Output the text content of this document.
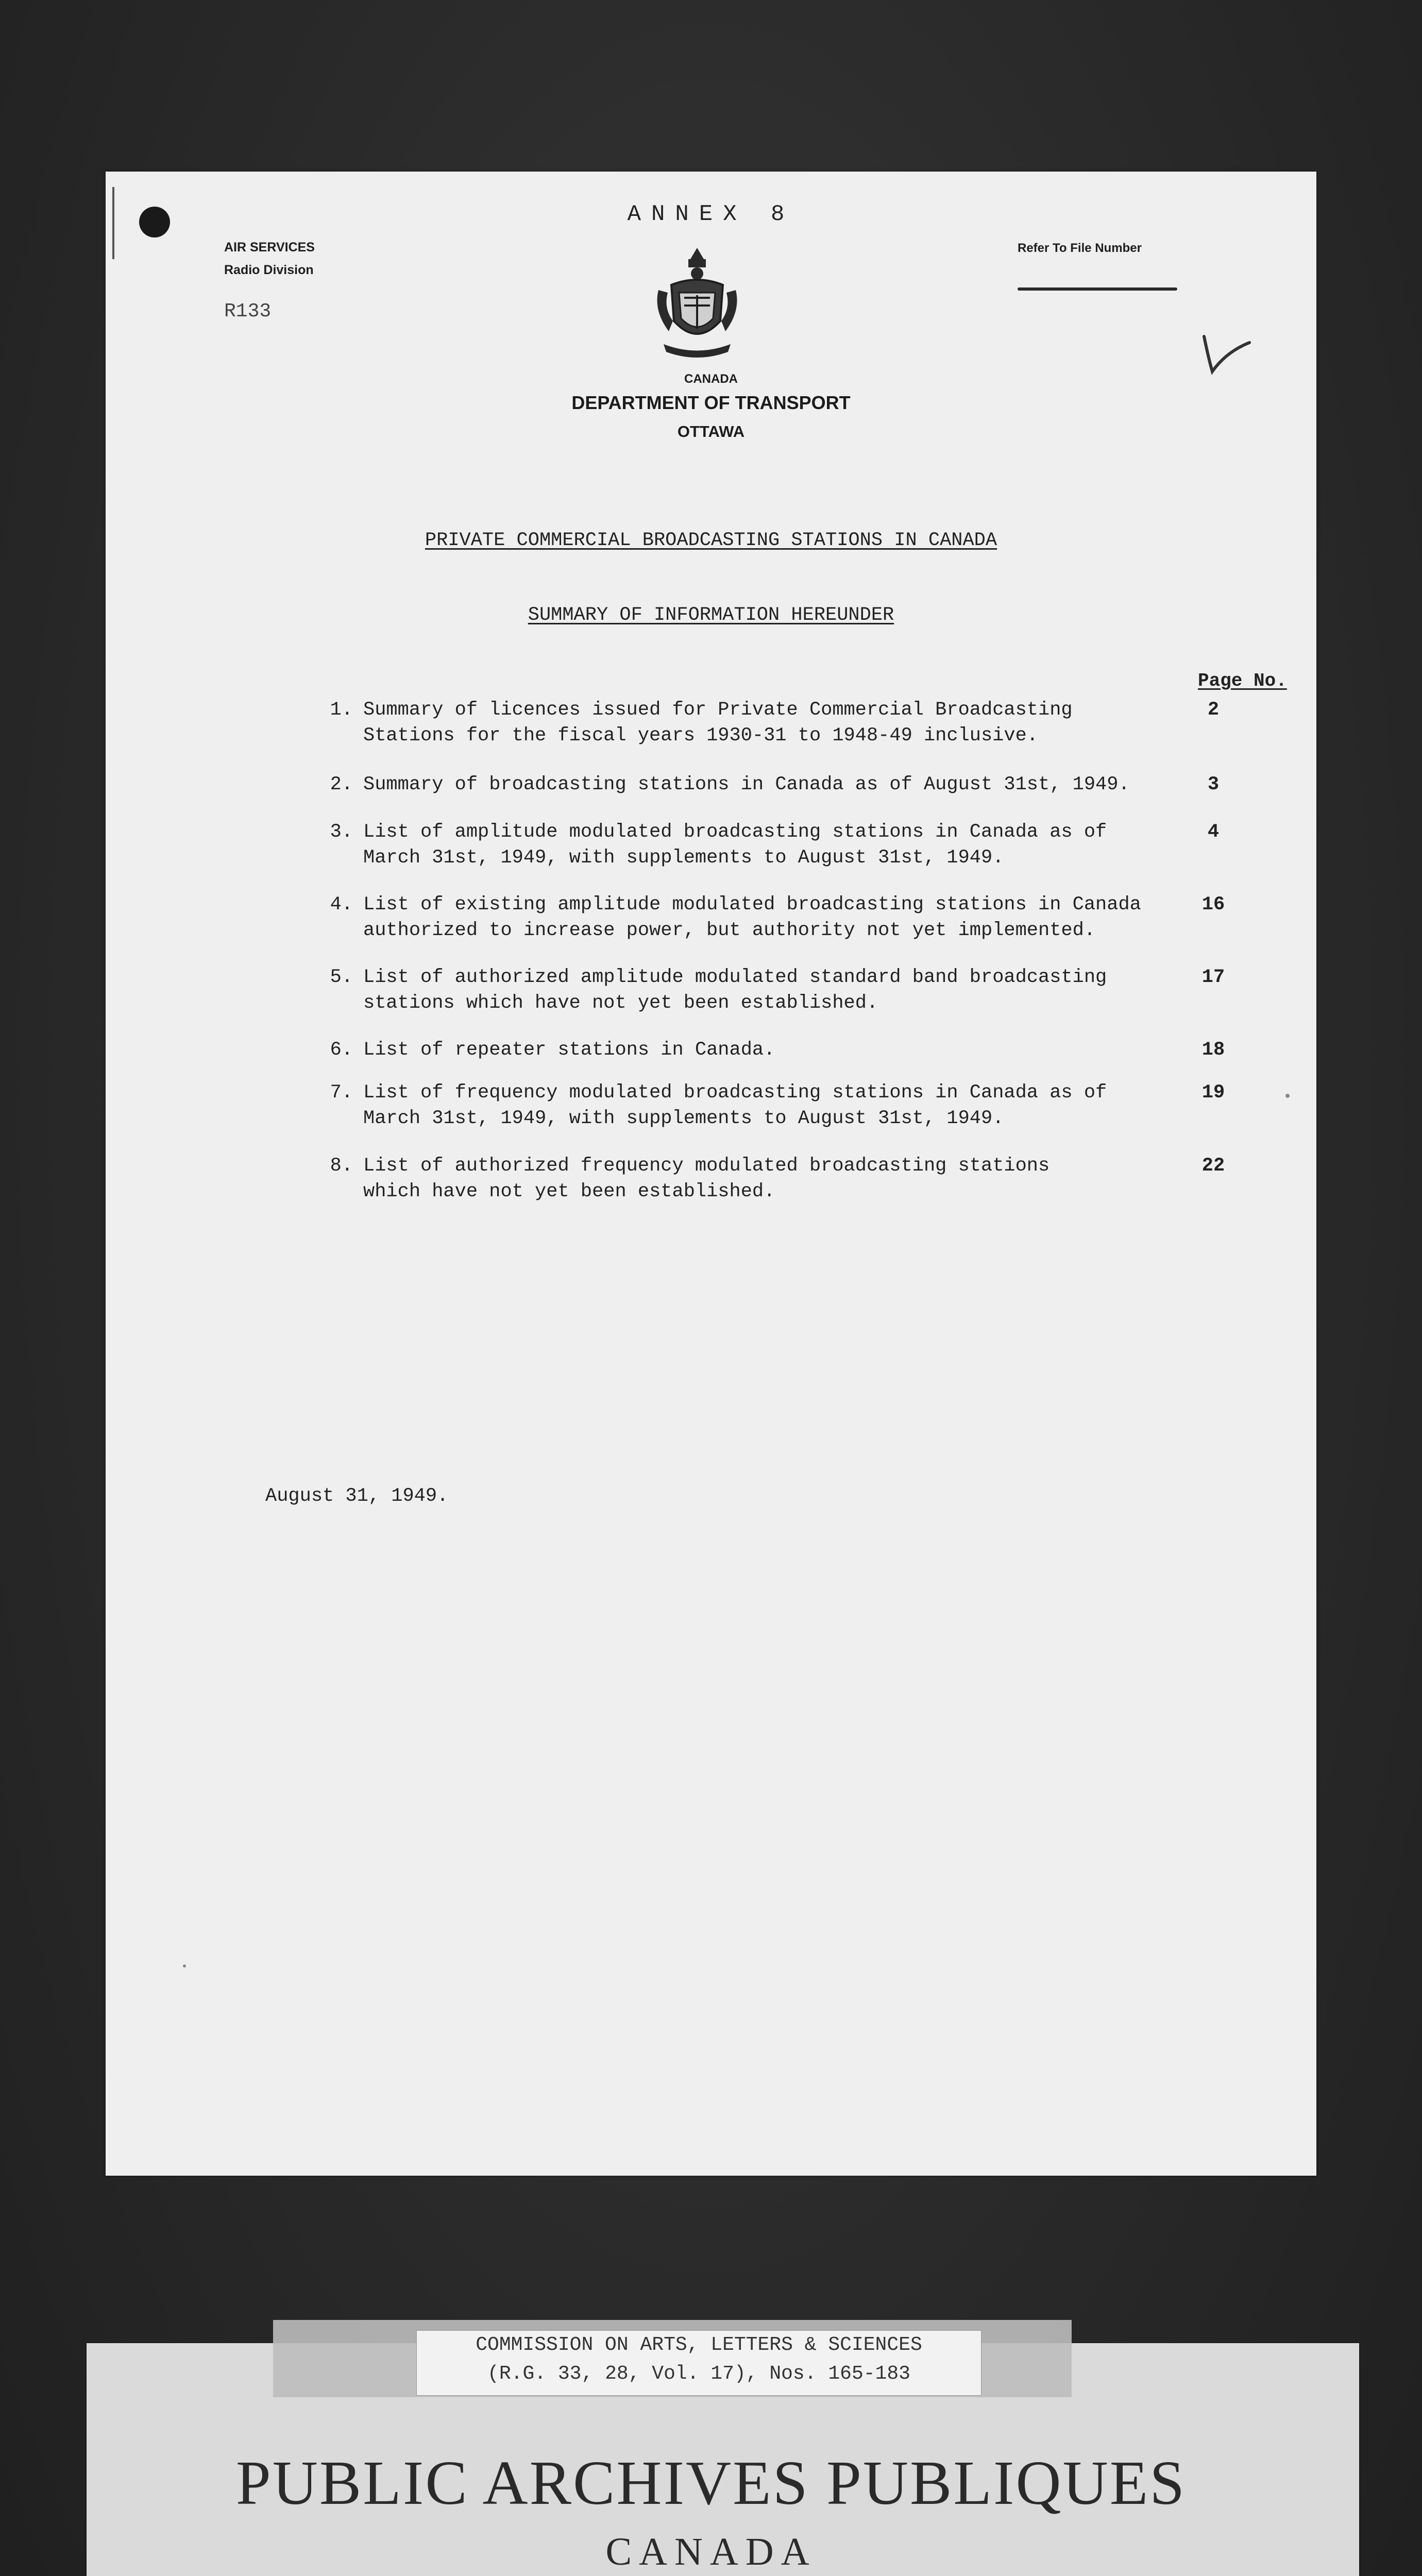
ANNEX 8
AIR SERVICES
Radio Division
R133
Refer To File Number
CANADA
DEPARTMENT OF TRANSPORT
OTTAWA
PRIVATE COMMERCIAL BROADCASTING STATIONS IN CANADA
SUMMARY OF INFORMATION HEREUNDER
Page No.
1. Summary of licences issued for Private Commercial Broadcasting
Stations for the fiscal years 1930-31 to 1948-49 inclusive.
2
2. Summary of broadcasting stations in Canada as of August 31st, 1949.	3
3. List of amplitude modulated broadcasting stations in Canada as of
March 31st, 1949, with supplements to August 31st, 1949.
4
4. List of existing amplitude modulated broadcasting stations in Canada
authorized to increase power, but authority not yet implemented.
16
5. List of authorized amplitude modulated standard band broadcasting
stations which have not yet been established.
17
6. List of repeater stations in Canada.	18
7. List of frequency modulated broadcasting stations in Canada as of
March 31st, 1949, with supplements to August 31st, 1949.
19
8. List of authorized frequency modulated broadcasting stations
which have not yet been established.
22
August 31, 1949.
COMMISSION ON ARTS, LETTERS & SCIENCES
(R.G. 33, 28, Vol. 17), Nos. 165-183
PUBLIC ARCHIVES PUBLIQUES
CANADA
